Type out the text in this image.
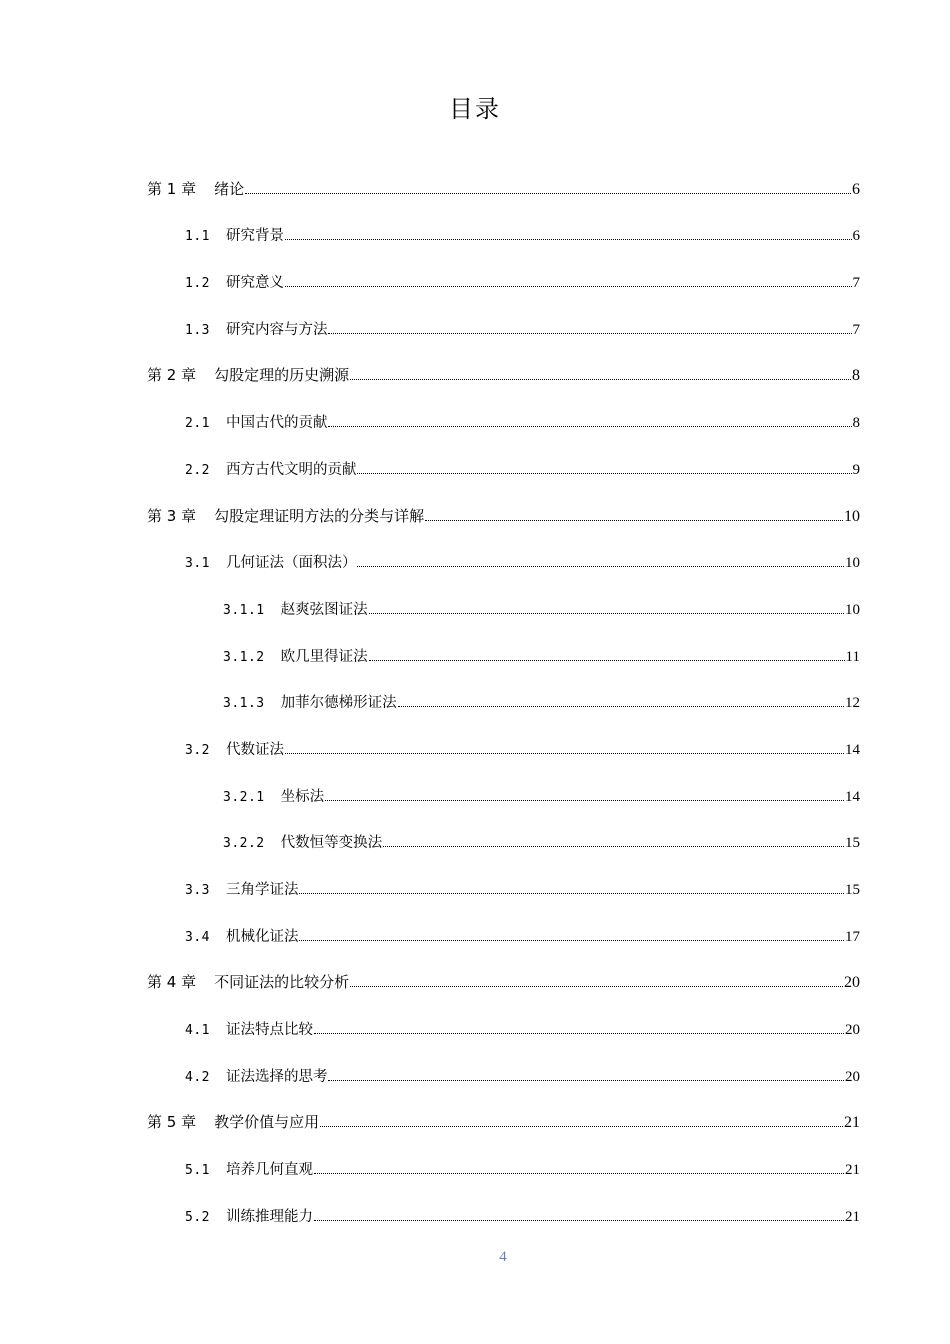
目录
第 1 章 绪论	6
1.1 研究背景	6
1.2 研究意义	7
1.3 研究内容与方法	7
第 2 章 勾股定理的历史溯源	8
2.1 中国古代的贡献	8
2.2 西方古代文明的贡献	9
第 3 章 勾股定理证明方法的分类与详解	10
3.1 几何证法（面积法）	10
3.1.1 赵爽弦图证法	10
3.1.2 欧几里得证法	11
3.1.3 加菲尔德梯形证法	12
3.2 代数证法	14
3.2.1 坐标法	14
3.2.2 代数恒等变换法	15
3.3 三角学证法	15
3.4 机械化证法	17
第 4 章 不同证法的比较分析	20
4.1 证法特点比较	20
4.2 证法选择的思考	20
第 5 章 教学价值与应用	21
5.1 培养几何直观	21
5.2 训练推理能力	21
4
